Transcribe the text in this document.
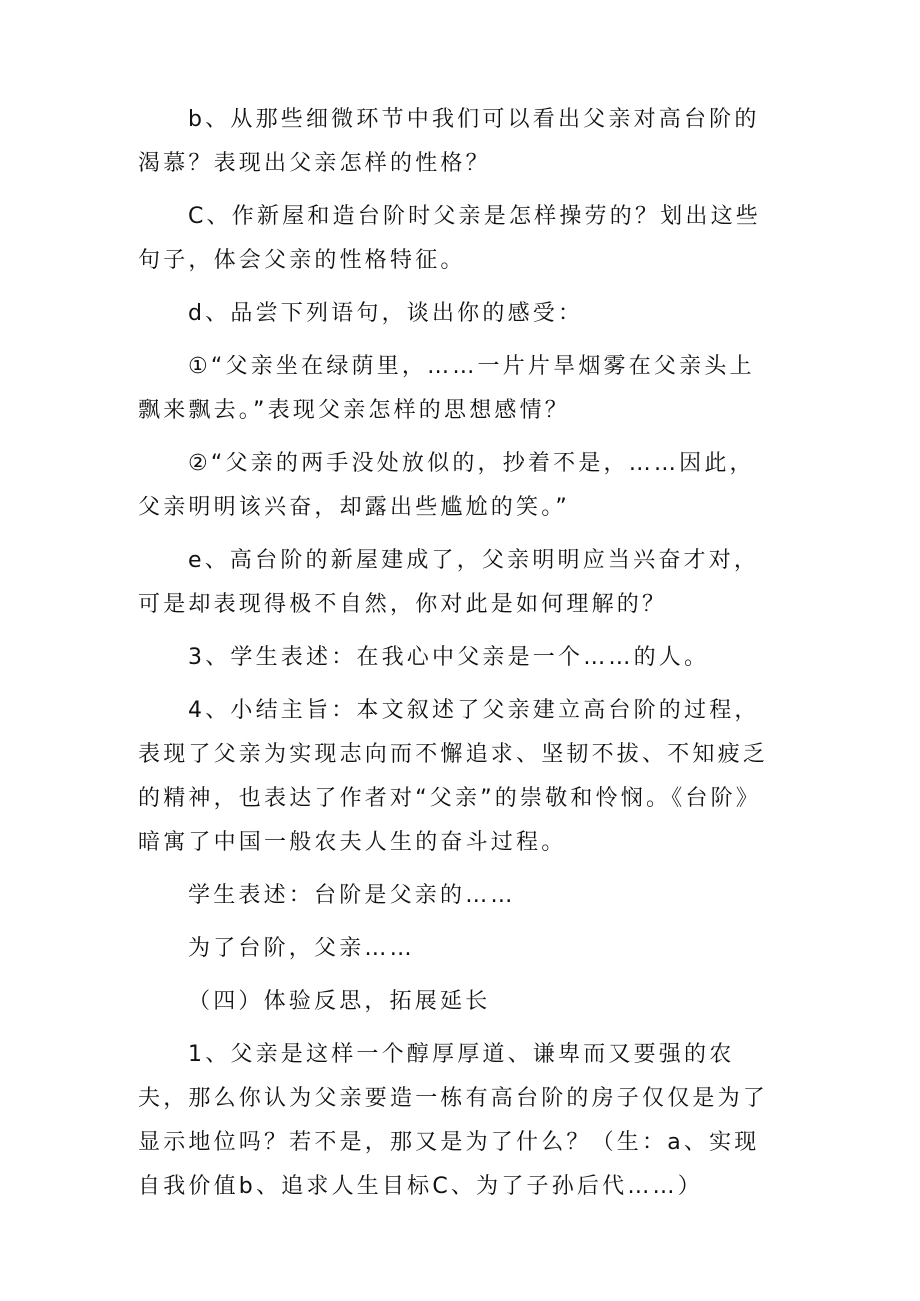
b、从那些细微环节中我们可以看出父亲对高台阶的渴慕？表现出父亲怎样的性格？

C、作新屋和造台阶时父亲是怎样操劳的？划出这些句子，体会父亲的性格特征。

d、品尝下列语句，谈出你的感受：

①“父亲坐在绿荫里，……一片片旱烟雾在父亲头上飘来飘去。”表现父亲怎样的思想感情？

②“父亲的两手没处放似的，抄着不是，……因此，父亲明明该兴奋，却露出些尴尬的笑。”

e、高台阶的新屋建成了，父亲明明应当兴奋才对，可是却表现得极不自然，你对此是如何理解的？

3、学生表述：在我心中父亲是一个……的人。

4、小结主旨：本文叙述了父亲建立高台阶的过程，表现了父亲为实现志向而不懈追求、坚韧不拔、不知疲乏的精神，也表达了作者对“父亲”的崇敬和怜悯。《台阶》暗寓了中国一般农夫人生的奋斗过程。

学生表述：台阶是父亲的……

为了台阶，父亲……

（四）体验反思，拓展延长

1、父亲是这样一个醇厚厚道、谦卑而又要强的农夫，那么你认为父亲要造一栋有高台阶的房子仅仅是为了显示地位吗？若不是，那又是为了什么？（生：a、实现自我价值b、追求人生目标C、为了子孙后代……）
